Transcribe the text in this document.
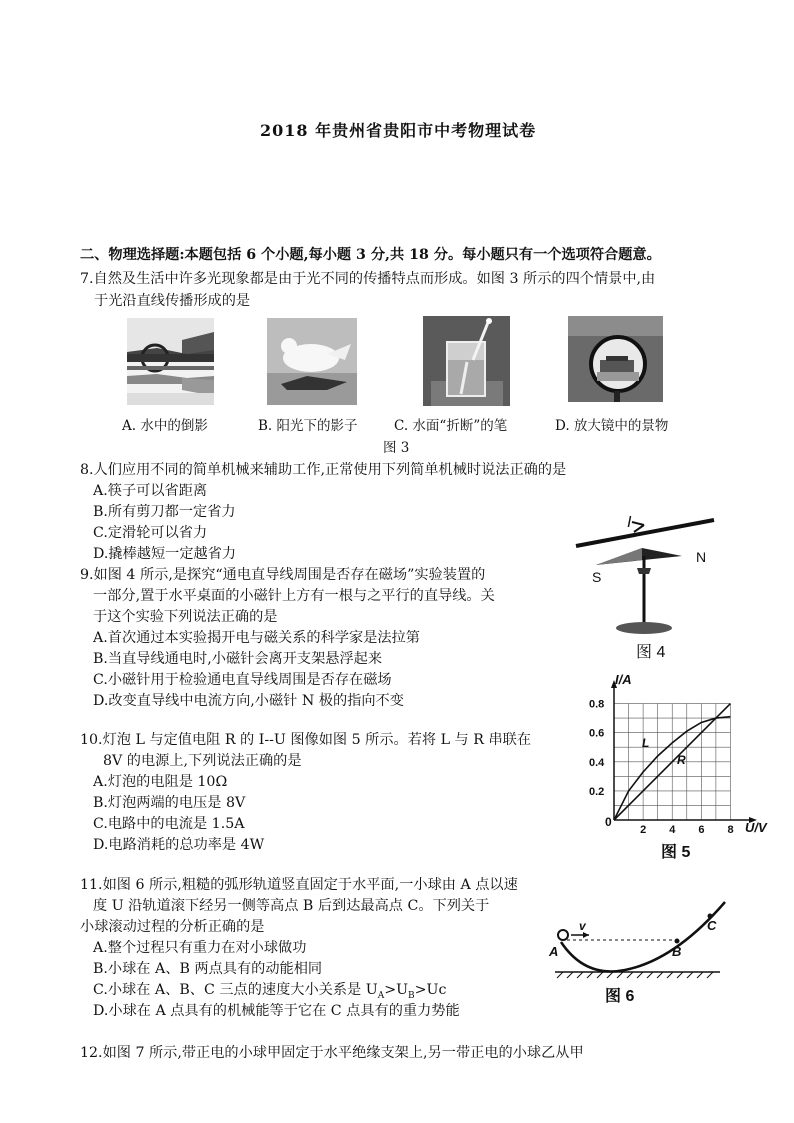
2018 年贵州省贵阳市中考物理试卷
二、物理选择题:本题包括 6 个小题,每小题 3 分,共 18 分。每小题只有一个选项符合题意。
7.自然及生活中许多光现象都是由于光不同的传播特点而形成。如图 3 所示的四个情景中,由
于光沿直线传播形成的是
A. 水中的倒影	B. 阳光下的影子	C. 水面“折断”的笔	D. 放大镜中的景物
图 3
8.人们应用不同的简单机械来辅助工作,正常使用下列简单机械时说法正确的是
A.筷子可以省距离
B.所有剪刀都一定省力
C.定滑轮可以省力
D.撬棒越短一定越省力
I
S
N
图 4
9.如图 4 所示,是探究“通电直导线周围是否存在磁场”实验装置的
一部分,置于水平桌面的小磁针上方有一根与之平行的直导线。关
于这个实验下列说法正确的是
A.首次通过本实验揭开电与磁关系的科学家是法拉第
B.当直导线通电时,小磁针会离开支架悬浮起来
C.小磁针用于检验通电直导线周围是否存在磁场
D.改变直导线中电流方向,小磁针 N 极的指向不变
2 4 6 8
0.2
0.4
0.6
0.8
I/A
U/V
0
L
R
图 5
10.灯泡 L 与定值电阻 R 的 I--U 图像如图 5 所示。若将 L 与 R 串联在
8V 的电源上,下列说法正确的是
A.灯泡的电阻是 10Ω
B.灯泡两端的电压是 8V
C.电路中的电流是 1.5A
D.电路消耗的总功率是 4W
11.如图 6 所示,粗糙的弧形轨道竖直固定于水平面,一小球由 A 点以速
度 U 沿轨道滚下经另一侧等高点 B 后到达最高点 C。下列关于
小球滚动过程的分析正确的是
A.整个过程只有重力在对小球做功
B.小球在 A、B 两点具有的动能相同
C.小球在 A、B、C 三点的速度大小关系是 $U_A>U_B>Uc$
D.小球在 A 点具有的机械能等于它在 C 点具有的重力势能
v
A	B
C
图 6
12.如图 7 所示,带正电的小球甲固定于水平绝缘支架上,另一带正电的小球乙从甲
